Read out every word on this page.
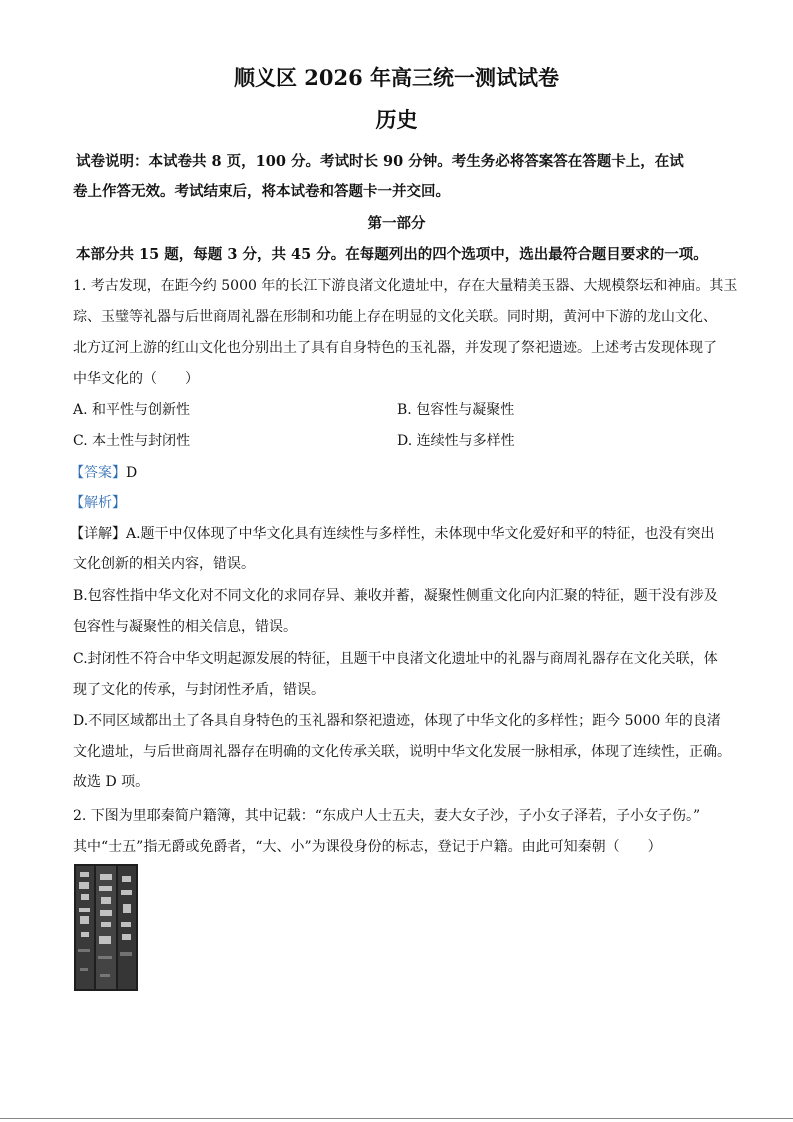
顺义区 2026 年高三统一测试试卷
历史
试卷说明：本试卷共 8 页，100 分。考试时长 90 分钟。考生务必将答案答在答题卡上，在试
卷上作答无效。考试结束后，将本试卷和答题卡一并交回。
第一部分
本部分共 15 题，每题 3 分，共 45 分。在每题列出的四个选项中，选出最符合题目要求的一项。
1. 考古发现，在距今约 5000 年的长江下游良渚文化遗址中，存在大量精美玉器、大规模祭坛和神庙。其玉
琮、玉璧等礼器与后世商周礼器在形制和功能上存在明显的文化关联。同时期，黄河中下游的龙山文化、
北方辽河上游的红山文化也分别出土了具有自身特色的玉礼器，并发现了祭祀遗迹。上述考古发现体现了
中华文化的（　　）
A. 和平性与创新性	B. 包容性与凝聚性
C. 本土性与封闭性	D. 连续性与多样性
【答案】D
【解析】
【详解】A.题干中仅体现了中华文化具有连续性与多样性，未体现中华文化爱好和平的特征，也没有突出
文化创新的相关内容，错误。
B.包容性指中华文化对不同文化的求同存异、兼收并蓄，凝聚性侧重文化向内汇聚的特征，题干没有涉及
包容性与凝聚性的相关信息，错误。
C.封闭性不符合中华文明起源发展的特征，且题干中良渚文化遗址中的礼器与商周礼器存在文化关联，体
现了文化的传承，与封闭性矛盾，错误。
D.不同区域都出土了各具自身特色的玉礼器和祭祀遗迹，体现了中华文化的多样性；距今 5000 年的良渚
文化遗址，与后世商周礼器存在明确的文化传承关联，说明中华文化发展一脉相承，体现了连续性，正确。
故选 D 项。
2. 下图为里耶秦简户籍簿，其中记载：“东成户人士五夫，妻大女子沙，子小女子泽若，子小女子伤。”
其中“士五”指无爵或免爵者，“大、小”为课役身份的标志，登记于户籍。由此可知秦朝（　　）
